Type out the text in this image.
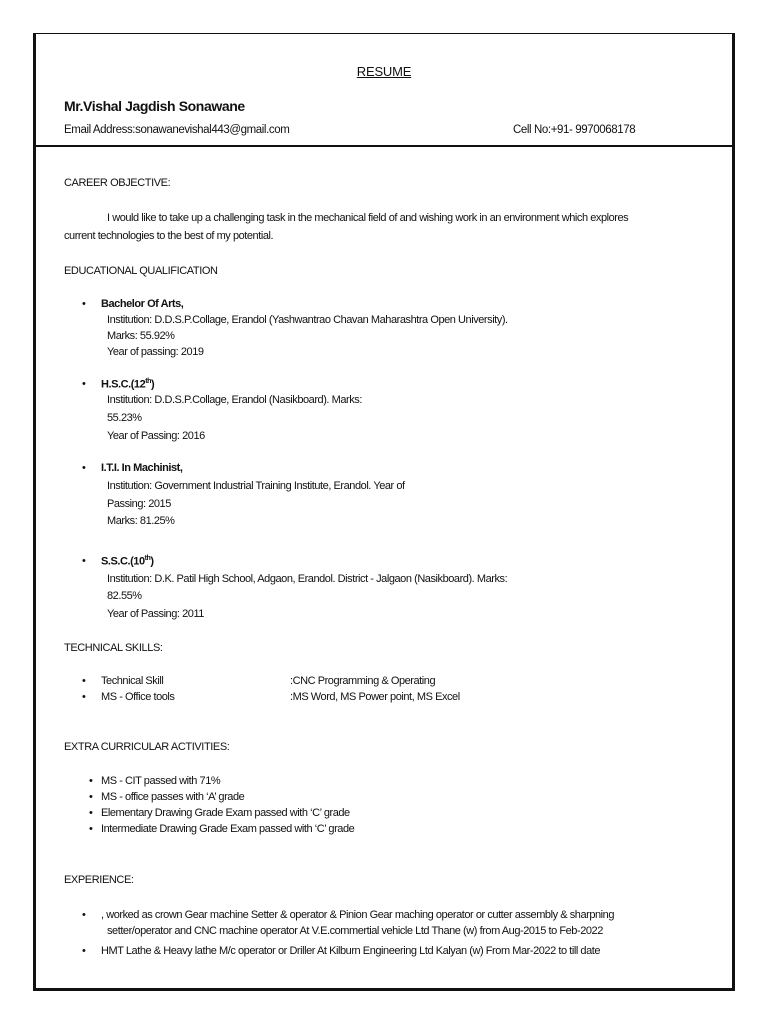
RESUME
Mr.Vishal Jagdish Sonawane
Email Address:sonawanevishal443@gmail.com	Cell No:+91- 9970068178
CAREER OBJECTIVE:
I would like to take up a challenging task in the mechanical field of and wishing work in an environment which explores
current technologies to the best of my potential.
EDUCATIONAL QUALIFICATION
• Bachelor Of Arts,
Institution: D.D.S.P.Collage, Erandol (Yashwantrao Chavan Maharashtra Open University).
Marks: 55.92%
Year of passing: 2019
• H.S.C.(12th)
Institution: D.D.S.P.Collage, Erandol (Nasikboard). Marks:
55.23%
Year of Passing: 2016
• I.T.I. In Machinist,
Institution: Government Industrial Training Institute, Erandol. Year of
Passing: 2015
Marks: 81.25%
• S.S.C.(10th)
Institution: D.K. Patil High School, Adgaon, Erandol. District - Jalgaon (Nasikboard). Marks:
82.55%
Year of Passing: 2011
TECHNICAL SKILLS:
• Technical Skill	:CNC Programming & Operating
• MS - Office tools	:MS Word, MS Power point, MS Excel
EXTRA CURRICULAR ACTIVITIES:
• MS - CIT passed with 71%
• MS - office passes with ‘A’ grade
• Elementary Drawing Grade Exam passed with ‘C’ grade
• Intermediate Drawing Grade Exam passed with ‘C’ grade
EXPERIENCE:
• , worked as crown Gear machine Setter & operator & Pinion Gear maching operator or cutter assembly & sharpning
setter/operator and CNC machine operator At V.E.commertial vehicle Ltd Thane (w) from Aug-2015 to Feb-2022
• HMT Lathe & Heavy lathe M/c operator or Driller At Kilburn Engineering Ltd Kalyan (w) From Mar-2022 to till date
